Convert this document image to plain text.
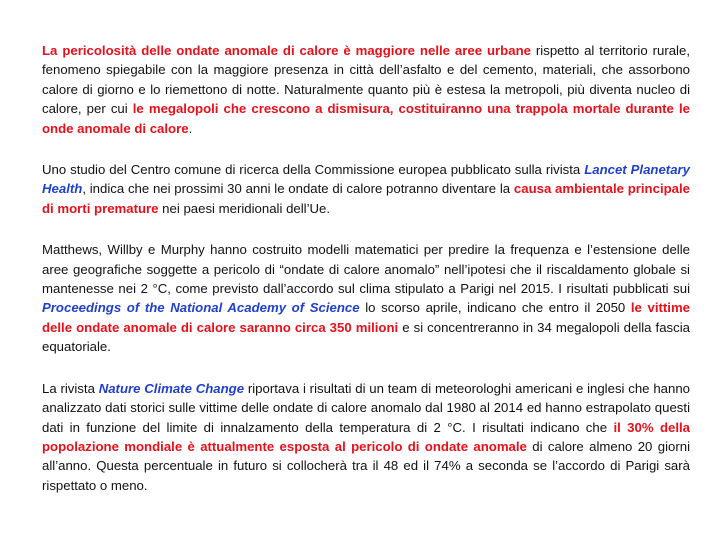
La pericolosità delle ondate anomale di calore è maggiore nelle aree urbane rispetto al territorio rurale, fenomeno spiegabile con la maggiore presenza in città dell’asfalto e del cemento, materiali, che assorbono calore di giorno e lo riemettono di notte. Naturalmente quanto più è estesa la metropoli, più diventa nucleo di calore, per cui le megalopoli che crescono a dismisura, costituiranno una trappola mortale durante le onde anomale di calore.

Uno studio del Centro comune di ricerca della Commissione europea pubblicato sulla rivista Lancet Planetary Health, indica che nei prossimi 30 anni le ondate di calore potranno diventare la causa ambientale principale di morti premature nei paesi meridionali dell’Ue.

Matthews, Willby e Murphy hanno costruito modelli matematici per predire la frequenza e l’estensione delle aree geografiche soggette a pericolo di “ondate di calore anomalo” nell’ipotesi che il riscaldamento globale si mantenesse nei 2 °C, come previsto dall’accordo sul clima stipulato a Parigi nel 2015. I risultati pubblicati sui Proceedings of the National Academy of Science lo scorso aprile, indicano che entro il 2050 le vittime delle ondate anomale di calore saranno circa 350 milioni e si concentreranno in 34 megalopoli della fascia equatoriale.

La rivista Nature Climate Change riportava i risultati di un team di meteorologhi americani e inglesi che hanno analizzato dati storici sulle vittime delle ondate di calore anomalo dal 1980 al 2014 ed hanno estrapolato questi dati in funzione del limite di innalzamento della temperatura di 2 °C. I risultati indicano che il 30% della popolazione mondiale è attualmente esposta al pericolo di ondate anomale di calore almeno 20 giorni all’anno. Questa percentuale in futuro si collocherà tra il 48 ed il 74% a seconda se l’accordo di Parigi sarà rispettato o meno.
